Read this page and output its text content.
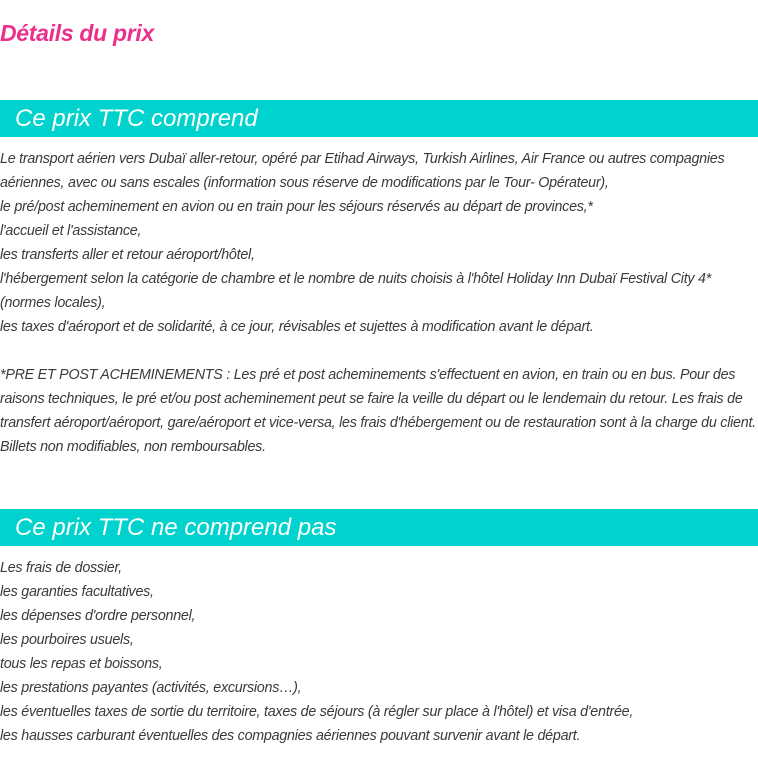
Détails du prix
Ce prix TTC comprend

Le transport aérien vers Dubaï aller-retour, opéré par Etihad Airways, Turkish Airlines, Air France ou autres compagnies aériennes, avec ou sans escales (information sous réserve de modifications par le Tour- Opérateur),

le pré/post acheminement en avion ou en train pour les séjours réservés au départ de provinces,*

l'accueil et l'assistance,

les transferts aller et retour aéroport/hôtel,

l'hébergement selon la catégorie de chambre et le nombre de nuits choisis à l'hôtel Holiday Inn Dubaï Festival City 4* (normes locales),

les taxes d'aéroport et de solidarité, à ce jour, révisables et sujettes à modification avant le départ.

*PRE ET POST ACHEMINEMENTS : Les pré et post acheminements s'effectuent en avion, en train ou en bus. Pour des raisons techniques, le pré et/ou post acheminement peut se faire la veille du départ ou le lendemain du retour. Les frais de transfert aéroport/aéroport, gare/aéroport et vice-versa, les frais d'hébergement ou de restauration sont à la charge du client. Billets non modifiables, non remboursables.

Ce prix TTC ne comprend pas

Les frais de dossier,

les garanties facultatives,

les dépenses d'ordre personnel,

les pourboires usuels,

tous les repas et boissons,

les prestations payantes (activités, excursions…),

les éventuelles taxes de sortie du territoire, taxes de séjours (à régler sur place à l'hôtel) et visa d'entrée,

les hausses carburant éventuelles des compagnies aériennes pouvant survenir avant le départ.
